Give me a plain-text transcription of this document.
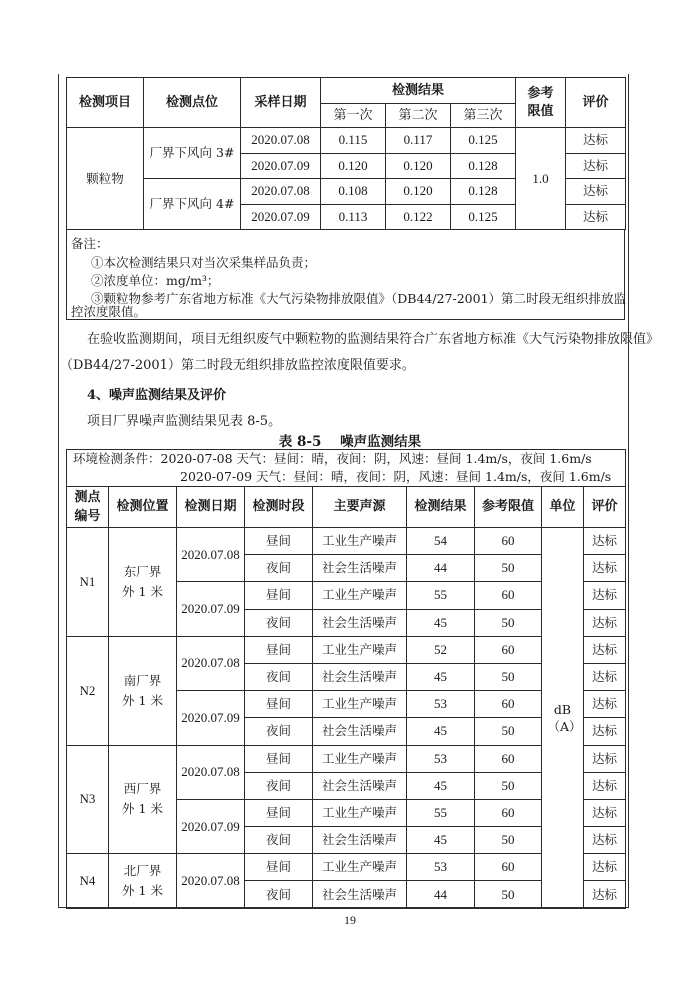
检测项目	检测点位	采样日期	检测结果			参考限值	评价
			第一次	第二次	第三次		
颗粒物	厂界下风向 3#	2020.07.08	0.115	0.117	0.125	1.0	达标
		2020.07.09	0.120	0.120	0.128		达标
	厂界下风向 4#	2020.07.08	0.108	0.120	0.128		达标
		2020.07.09	0.113	0.122	0.125		达标
备注：
①本次检测结果只对当次采集样品负责；
②浓度单位：mg/m³；
③颗粒物参考广东省地方标准《大气污染物排放限值》（DB44/27-2001）第二时段无组织排放监
控浓度限值。
在验收监测期间，项目无组织废气中颗粒物的监测结果符合广东省地方标准《大气污染物排放限值》
（DB44/27-2001）第二时段无组织排放监控浓度限值要求。
4、噪声监测结果及评价
项目厂界噪声监测结果见表 8-5。
表 8-5    噪声监测结果
环境检测条件：2020-07-08 天气：昼间：晴，夜间：阴，风速：昼间 1.4m/s，夜间 1.6m/s								
2020-07-09 天气：昼间：晴，夜间：阴，风速：昼间 1.4m/s，夜间 1.6m/s								
测点编号	检测位置	检测日期	检测时段	主要声源	检测结果	参考限值	单位	评价
N1	东厂界外 1 米	2020.07.08	昼间	工业生产噪声	54	60	dB（A）	达标
			夜间	社会生活噪声	44	50		达标
		2020.07.09	昼间	工业生产噪声	55	60		达标
			夜间	社会生活噪声	45	50		达标
N2	南厂界外 1 米	2020.07.08	昼间	工业生产噪声	52	60		达标
			夜间	社会生活噪声	45	50		达标
		2020.07.09	昼间	工业生产噪声	53	60		达标
			夜间	社会生活噪声	45	50		达标
N3	西厂界外 1 米	2020.07.08	昼间	工业生产噪声	53	60		达标
			夜间	社会生活噪声	45	50		达标
		2020.07.09	昼间	工业生产噪声	55	60		达标
			夜间	社会生活噪声	45	50		达标
N4	北厂界外 1 米	2020.07.08	昼间	工业生产噪声	53	60		达标
			夜间	社会生活噪声	44	50		达标
19
